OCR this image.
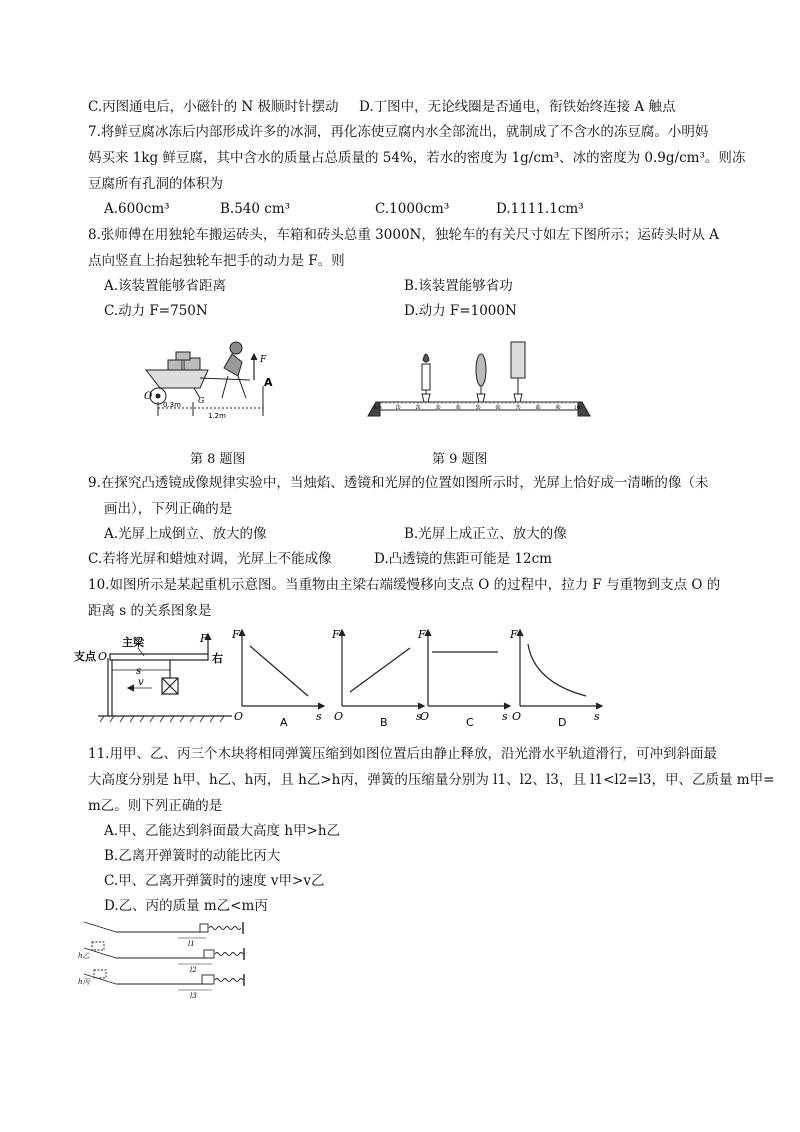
C.丙图通电后，小磁针的 N 极顺时针摆动 D.丁图中，无论线圈是否通电，衔铁始终连接 A 触点
7.将鲜豆腐冰冻后内部形成许多的冰洞，再化冻使豆腐内水全部流出，就制成了不含水的冻豆腐。小明妈
妈买来 1kg 鲜豆腐，其中含水的质量占总质量的 54%，若水的密度为 1g/cm³、冰的密度为 0.9g/cm³。则冻
豆腐所有孔洞的体积为
A.600cm³	B.540 cm³	C.1000cm³	D.1111.1cm³
8.张师傅在用独轮车搬运砖头，车箱和砖头总重 3000N，独轮车的有关尺寸如左下图所示；运砖头时从 A
点向竖直上抬起独轮车把手的动力是 F。则
A.该装置能够省距离	B.该装置能够省功
C.动力 F=750N	D.动力 F=1000N
F
A
O	G
0.3m
1.2m
0cm	10	20	30	40	50	60	70	80	90	100
第 8 题图	第 9 题图
9.在探究凸透镜成像规律实验中，当烛焰、透镜和光屏的位置如图所示时，光屏上恰好成一清晰的像（未
画出），下列正确的是
A.光屏上成倒立、放大的像	B.光屏上成正立、放大的像
C.若将光屏和蜡烛对调，光屏上不能成像	D.凸透镜的焦距可能是 12cm
10.如图所示是某起重机示意图。当重物由主梁右端缓慢移向支点 O 的过程中，拉力 F 与重物到支点 O 的
距离 s 的关系图象是
支点 O
主梁
右
F
s
v
F
s
O	A
F
s
O	B
F
s
O	C
F
s
O	D
11.用甲、乙、丙三个木块将相同弹簧压缩到如图位置后由静止释放，沿光滑水平轨道滑行，可冲到斜面最
大高度分别是 h甲、h乙、h丙，且 h乙>h丙，弹簧的压缩量分别为 l1、l2、l3，且 l1<l2=l3，甲、乙质量 m甲=
m乙。则下列正确的是
A.甲、乙能达到斜面最大高度 h甲>h乙
B.乙离开弹簧时的动能比丙大
C.甲、乙离开弹簧时的速度 v甲>v乙
D.乙、丙的质量 m乙<m丙
l1
l2
l3
h乙
h丙
